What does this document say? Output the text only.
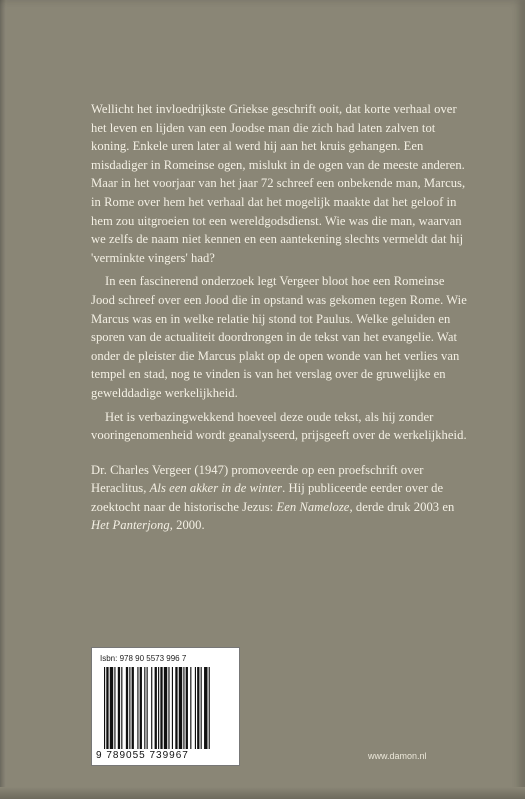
Wellicht het invloedrijkste Griekse geschrift ooit, dat korte verhaal over het leven en lijden van een Joodse man die zich had laten zalven tot koning. Enkele uren later al werd hij aan het kruis gehangen. Een misdadiger in Romeinse ogen, mislukt in de ogen van de meeste anderen. Maar in het voorjaar van het jaar 72 schreef een onbekende man, Marcus, in Rome over hem het verhaal dat het mogelijk maakte dat het geloof in hem zou uitgroeien tot een wereldgodsdienst. Wie was die man, waarvan we zelfs de naam niet kennen en een aantekening slechts vermeldt dat hij 'verminkte vingers' had?

In een fascinerend onderzoek legt Vergeer bloot hoe een Romeinse Jood schreef over een Jood die in opstand was gekomen tegen Rome. Wie Marcus was en in welke relatie hij stond tot Paulus. Welke geluiden en sporen van de actualiteit doordrongen in de tekst van het evangelie. Wat onder de pleister die Marcus plakt op de open wonde van het verlies van tempel en stad, nog te vinden is van het verslag over de gruwelijke en gewelddadige werkelijkheid.

Het is verbazingwekkend hoeveel deze oude tekst, als hij zonder vooringenomenheid wordt geanalyseerd, prijsgeeft over de werkelijkheid.

Dr. Charles Vergeer (1947) promoveerde op een proefschrift over Heraclitus, Als een akker in de winter. Hij publiceerde eerder over de zoektocht naar de historische Jezus: Een Nameloze, derde druk 2003 en Het Panterjong, 2000.

Isbn: 978 90 5573 996 7
9 789055 739967	www.damon.nl
